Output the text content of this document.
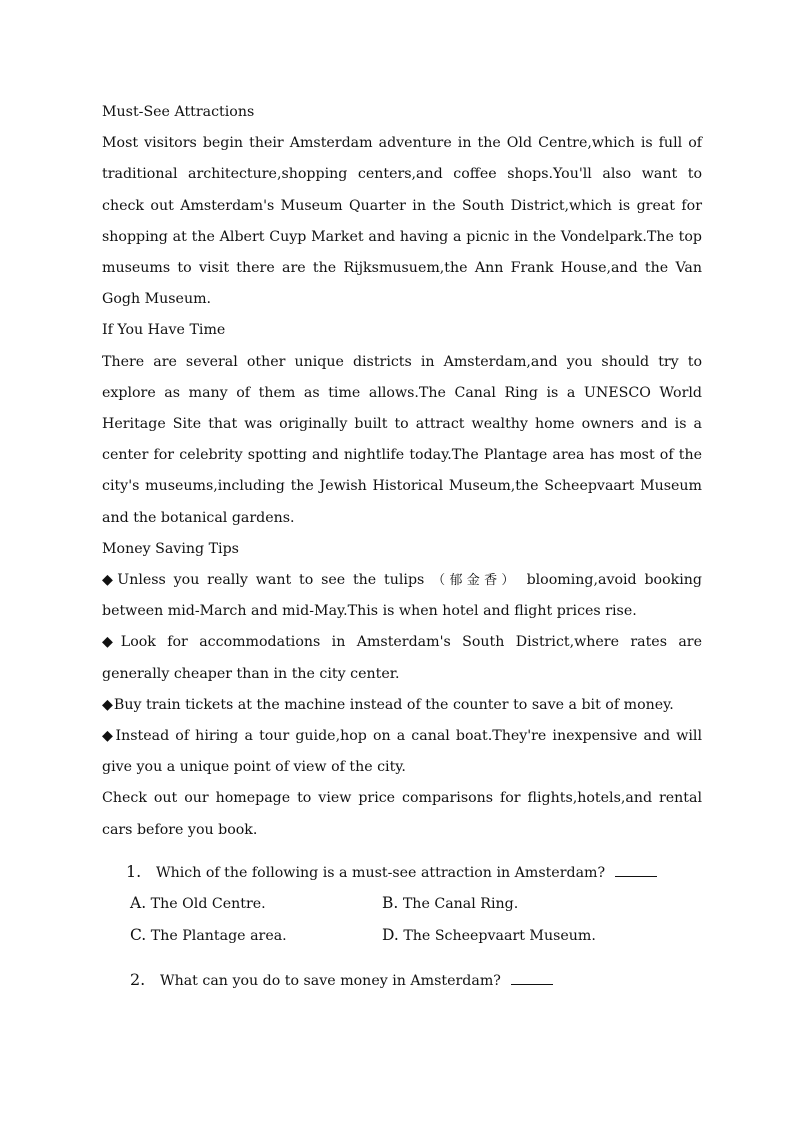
Must-See Attractions

Most visitors begin their Amsterdam adventure in the Old Centre,which is full of traditional architecture,shopping centers,and coffee shops.You'll also want to check out Amsterdam's Museum Quarter in the South District,which is great for shopping at the Albert Cuyp Market and having a picnic in the Vondelpark.The top museums to visit there are the Rijksmusuem,the Ann Frank House,and the Van Gogh Museum.

If You Have Time

There are several other unique districts in Amsterdam,and you should try to explore as many of them as time allows.The Canal Ring is a UNESCO World Heritage Site that was originally built to attract wealthy home owners and is a center for celebrity spotting and nightlife today.The Plantage area has most of the city's museums,including the Jewish Historical Museum,the Scheepvaart Museum and the botanical gardens.

Money Saving Tips

◆Unless you really want to see the tulips （郁金香） blooming,avoid booking between mid-March and mid-May.This is when hotel and flight prices rise.

◆Look for accommodations in Amsterdam's South District,where rates are generally cheaper than in the city center.

◆Buy train tickets at the machine instead of the counter to save a bit of money.

◆Instead of hiring a tour guide,hop on a canal boat.They're inexpensive and will give you a unique point of view of the city.

Check out our homepage to view price comparisons for flights,hotels,and rental cars before you book.

1. Which of the following is a must-see attraction in Amsterdam?
A. The Old Centre.	B. The Canal Ring.
C. The Plantage area.	D. The Scheepvaart Museum.
2. What can you do to save money in Amsterdam?
